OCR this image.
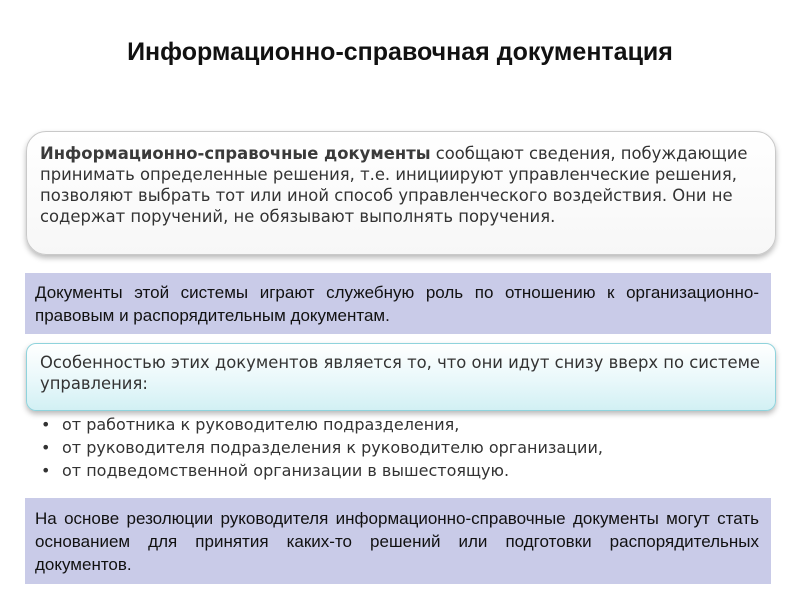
Информационно-справочная документация
Информационно-справочные документы сообщают сведения, побуждающие принимать определенные решения, т.е. инициируют управленческие решения, позволяют выбрать тот или иной способ управленческого воздействия. Они не содержат поручений, не обязывают выполнять поручения.
Документы этой системы играют служебную роль по отношению к организационно-правовым и распорядительным документам.
Особенностью этих документов является то, что они идут снизу вверх по системе управления:
• от работника к руководителю подразделения,
• от руководителя подразделения к руководителю организации,
• от подведомственной организации в вышестоящую.
На основе резолюции руководителя информационно-справочные документы могут стать основанием для принятия каких-то решений или подготовки распорядительных документов.
